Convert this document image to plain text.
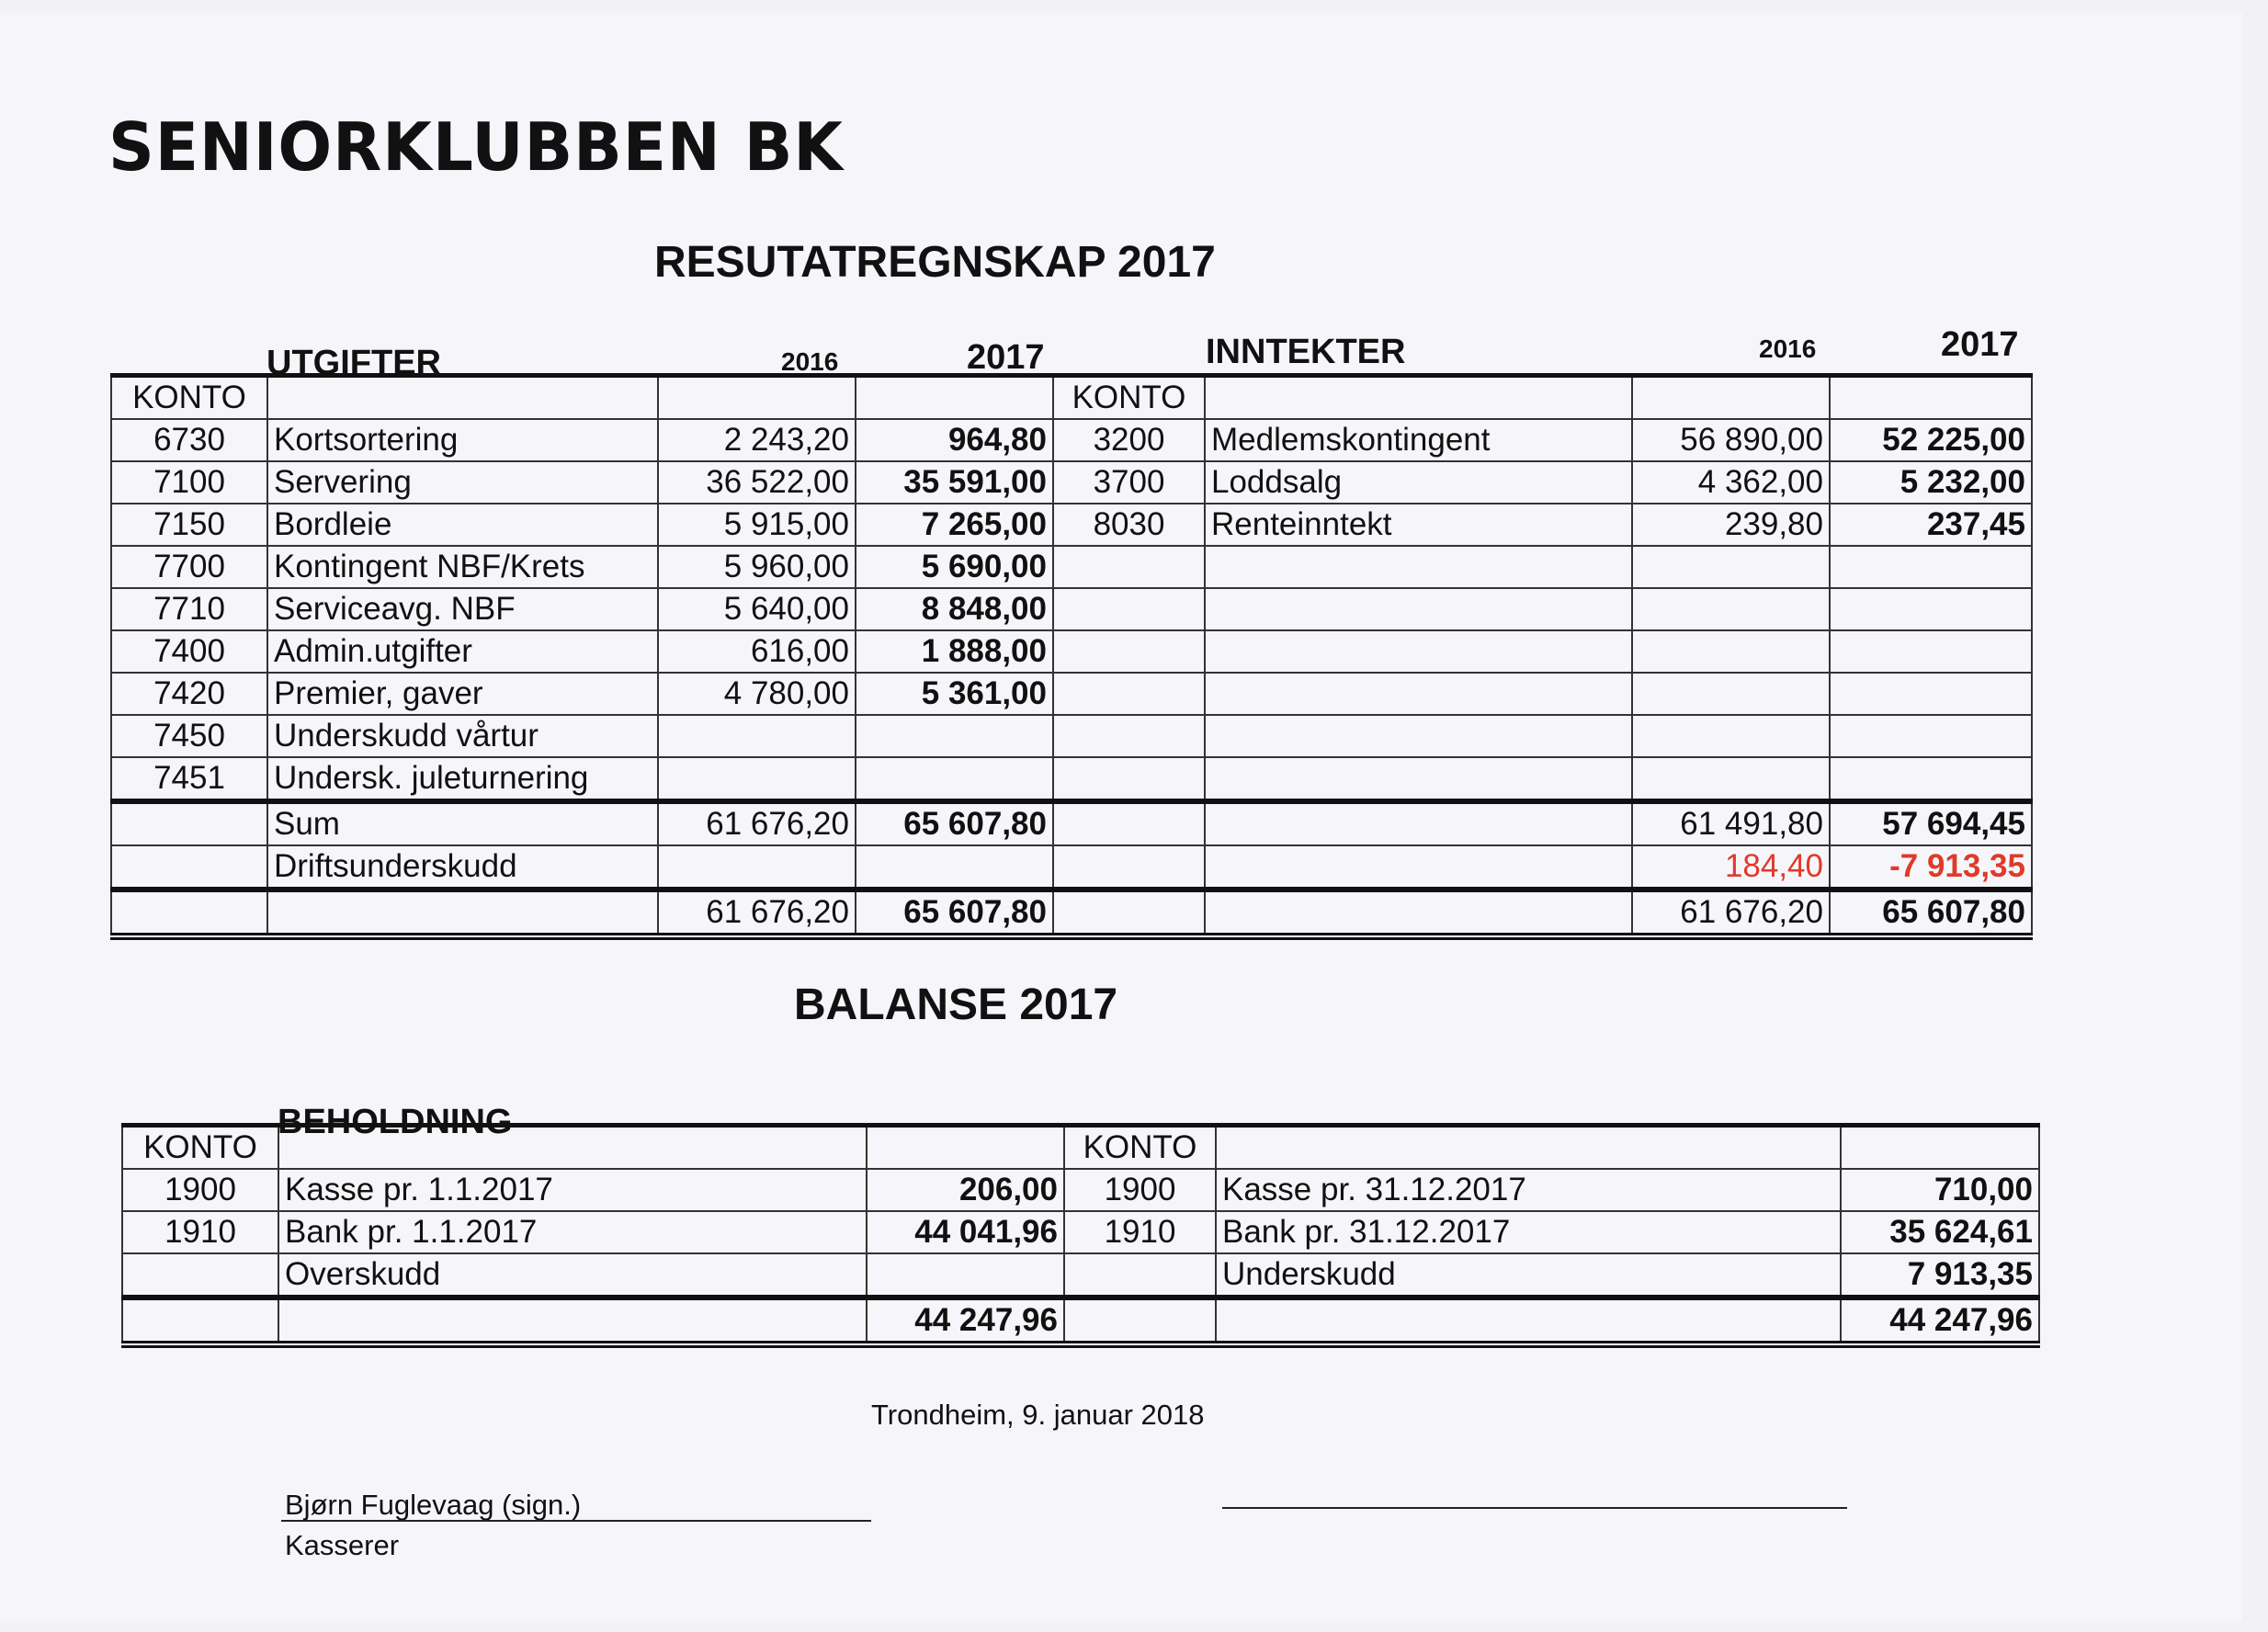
SENIORKLUBBEN BK
RESUTATREGNSKAP 2017
UTGIFTER	2016	2017	INNTEKTER	2016	2017
KONTO				KONTO			
6730	Kortsortering	2 243,20	964,80	3200	Medlemskontingent	56 890,00	52 225,00
7100	Servering	36 522,00	35 591,00	3700	Loddsalg	4 362,00	5 232,00
7150	Bordleie	5 915,00	7 265,00	8030	Renteinntekt	239,80	237,45
7700	Kontingent NBF/Krets	5 960,00	5 690,00				
7710	Serviceavg. NBF	5 640,00	8 848,00				
7400	Admin.utgifter	616,00	1 888,00				
7420	Premier, gaver	4 780,00	5 361,00				
7450	Underskudd vårtur						
7451	Undersk. juleturnering						
	Sum	61 676,20	65 607,80			61 491,80	57 694,45
	Driftsunderskudd					184,40	-7 913,35
		61 676,20	65 607,80			61 676,20	65 607,80
BALANSE 2017
BEHOLDNING
KONTO			KONTO		
1900	Kasse pr. 1.1.2017	206,00	1900	Kasse pr. 31.12.2017	710,00
1910	Bank pr. 1.1.2017	44 041,96	1910	Bank pr. 31.12.2017	35 624,61
	Overskudd			Underskudd	7 913,35
		44 247,96			44 247,96
Trondheim, 9. januar 2018
Bjørn Fuglevaag (sign.)
Kasserer
